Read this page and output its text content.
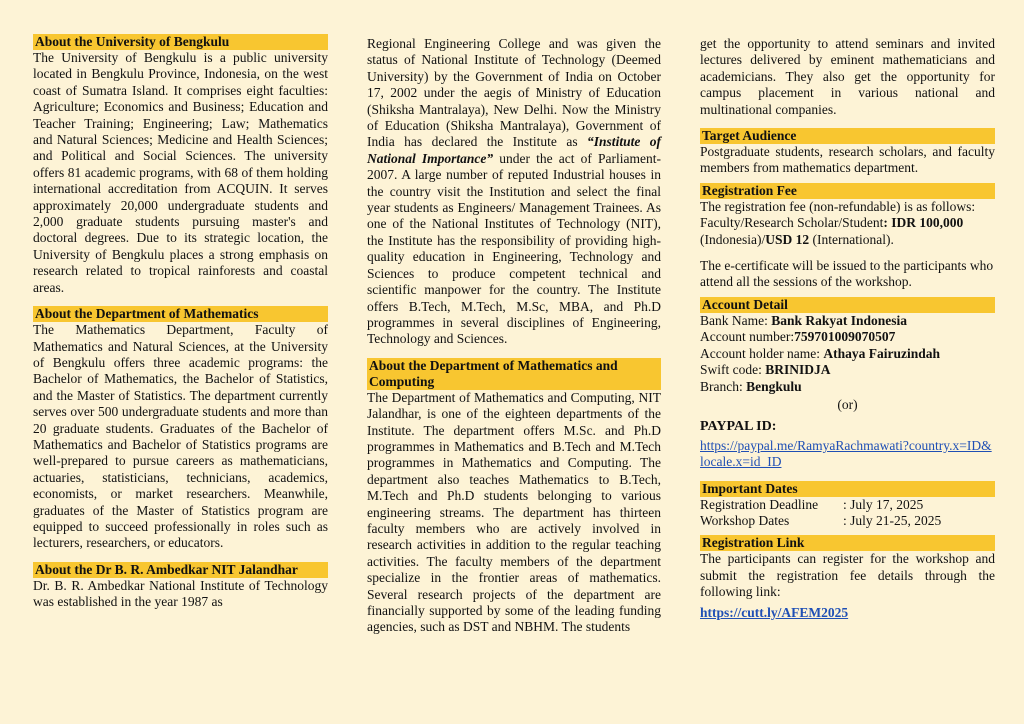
About the University of Bengkulu

The University of Bengkulu is a public university located in Bengkulu Province, Indonesia, on the west coast of Sumatra Island. It comprises eight faculties: Agriculture; Economics and Business; Education and Teacher Training; Engineering; Law; Mathematics and Natural Sciences; Medicine and Health Sciences; and Political and Social Sciences. The university offers 81 academic programs, with 68 of them holding international accreditation from ACQUIN. It serves approximately 20,000 undergraduate students and 2,000 graduate students pursuing master's and doctoral degrees. Due to its strategic location, the University of Bengkulu places a strong emphasis on research related to tropical rainforests and coastal areas.

About the Department of Mathematics

The Mathematics Department, Faculty of Mathematics and Natural Sciences, at the University of Bengkulu offers three academic programs: the Bachelor of Mathematics, the Bachelor of Statistics, and the Master of Statistics. The department currently serves over 500 undergraduate students and more than 20 graduate students. Graduates of the Bachelor of Mathematics and Bachelor of Statistics programs are well-prepared to pursue careers as mathematicians, actuaries, statisticians, technicians, academics, economists, or market researchers. Meanwhile, graduates of the Master of Statistics program are equipped to succeed professionally in roles such as lecturers, researchers, or educators.

About the Dr B. R. Ambedkar NIT Jalandhar

Dr. B. R. Ambedkar National Institute of Technology was established in the year 1987 as

Regional Engineering College and was given the status of National Institute of Technology (Deemed University) by the Government of India on October 17, 2002 under the aegis of Ministry of Education (Shiksha Mantralaya), New Delhi. Now the Ministry of Education (Shiksha Mantralaya), Government of India has declared the Institute as “Institute of National Importance” under the act of Parliament-2007. A large number of reputed Industrial houses in the country visit the Institution and select the final year students as Engineers/ Management Trainees. As one of the National Institutes of Technology (NIT), the Institute has the responsibility of providing high-quality education in Engineering, Technology and Sciences to produce competent technical and scientific manpower for the country. The Institute offers B.Tech, M.Tech, M.Sc, MBA, and Ph.D programmes in several disciplines of Engineering, Technology and Sciences.

About the Department of Mathematics and Computing

The Department of Mathematics and Computing, NIT Jalandhar, is one of the eighteen departments of the Institute. The department offers M.Sc. and Ph.D programmes in Mathematics and B.Tech and M.Tech programmes in Mathematics and Computing. The department also teaches Mathematics to B.Tech, M.Tech and Ph.D students belonging to various engineering streams. The department has thirteen faculty members who are actively involved in research activities in addition to the regular teaching activities. The faculty members of the department specialize in the frontier areas of mathematics. Several research projects of the department are financially supported by some of the leading funding agencies, such as DST and NBHM. The students

get the opportunity to attend seminars and invited lectures delivered by eminent mathematicians and academicians. They also get the opportunity for campus placement in various national and multinational companies.

Target Audience

Postgraduate students, research scholars, and faculty members from mathematics department.

Registration Fee

The registration fee (non-refundable) is as follows:

Faculty/Research Scholar/Student: IDR 100,000

(Indonesia)/USD 12 (International).

The e-certificate will be issued to the participants who attend all the sessions of the workshop.

Account Detail

Bank Name: Bank Rakyat Indonesia

Account number:759701009070507

Account holder name: Athaya Fairuzindah

Swift code: BRINIDJA

Branch: Bengkulu

(or)

PAYPAL ID:

https://paypal.me/RamyaRachmawati?country.x=ID&locale.x=id_ID

Important Dates
Registration Deadline	: July 17, 2025
Workshop Dates	: July 21-25, 2025
Registration Link

The participants can register for the workshop and submit the registration fee details through the following link:

https://cutt.ly/AFEM2025
